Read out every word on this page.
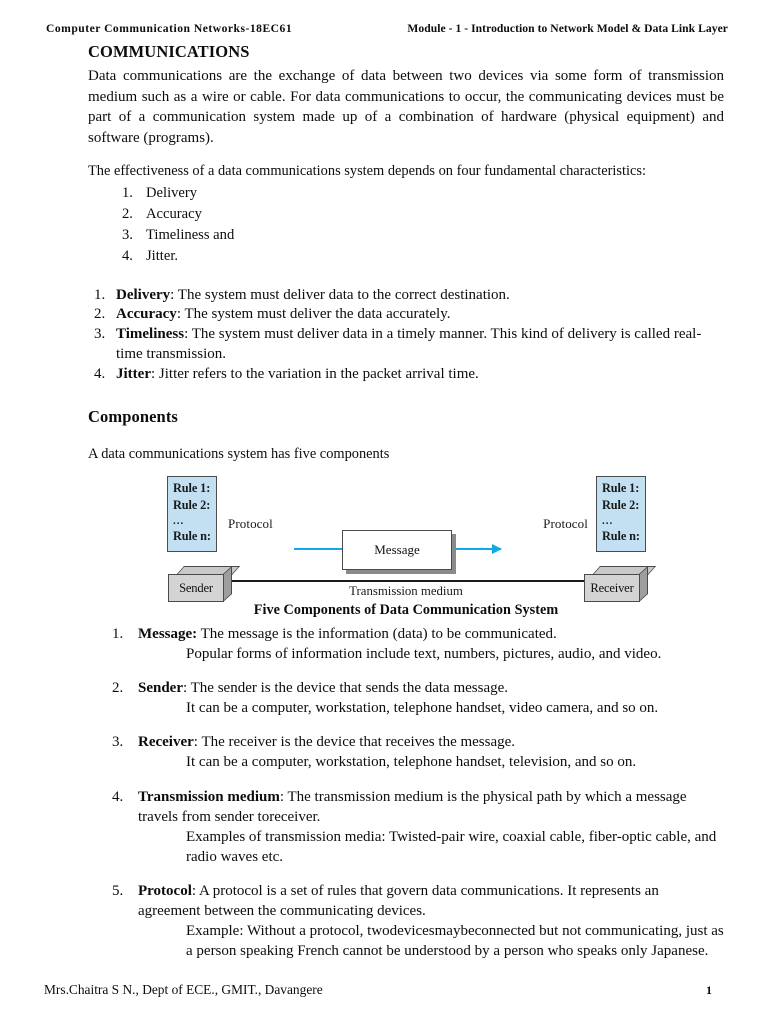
Computer Communication Networks-18EC61	Module - 1 - Introduction to Network Model & Data Link Layer
COMMUNICATIONS

Data communications are the exchange of data between two devices via some form of transmission medium such as a wire or cable. For data communications to occur, the communicating devices must be part of a communication system made up of a combination of hardware (physical equipment) and software (programs).

The effectiveness of a data communications system depends on four fundamental characteristics:

1. Delivery
2. Accuracy
3. Timeliness and
4. Jitter.
1. Delivery: The system must deliver data to the correct destination.
2. Accuracy: The system must deliver the data accurately.
3. Timeliness: The system must deliver data in a timely manner. This kind of delivery is called real-time transmission.
4. Jitter: Jitter refers to the variation in the packet arrival time.
Components

A data communications system has five components

Rule 1:
Rule 2:
...
Rule n:
Protocol
Rule 1:
Rule 2:
...
Rule n:
Protocol
Sender	Receiver
Message
Transmission medium
Five Components of Data Communication System
1. Message: The message is the information (data) to be communicated.
Popular forms of information include text, numbers, pictures, audio, and video.
2. Sender: The sender is the device that sends the data message.
It can be a computer, workstation, telephone handset, video camera, and so on.
3. Receiver: The receiver is the device that receives the message.
It can be a computer, workstation, telephone handset, television, and so on.
4. Transmission medium: The transmission medium is the physical path by which a message travels from sender toreceiver.
Examples of transmission media: Twisted-pair wire, coaxial cable, fiber-optic cable, and radio waves etc.
5. Protocol: A protocol is a set of rules that govern data communications. It represents an agreement between the communicating devices.
Example: Without a protocol, twodevicesmaybeconnected but not communicating, just as a person speaking French cannot be understood by a person who speaks only Japanese.
Mrs.Chaitra S N., Dept of ECE., GMIT., Davangere	1
